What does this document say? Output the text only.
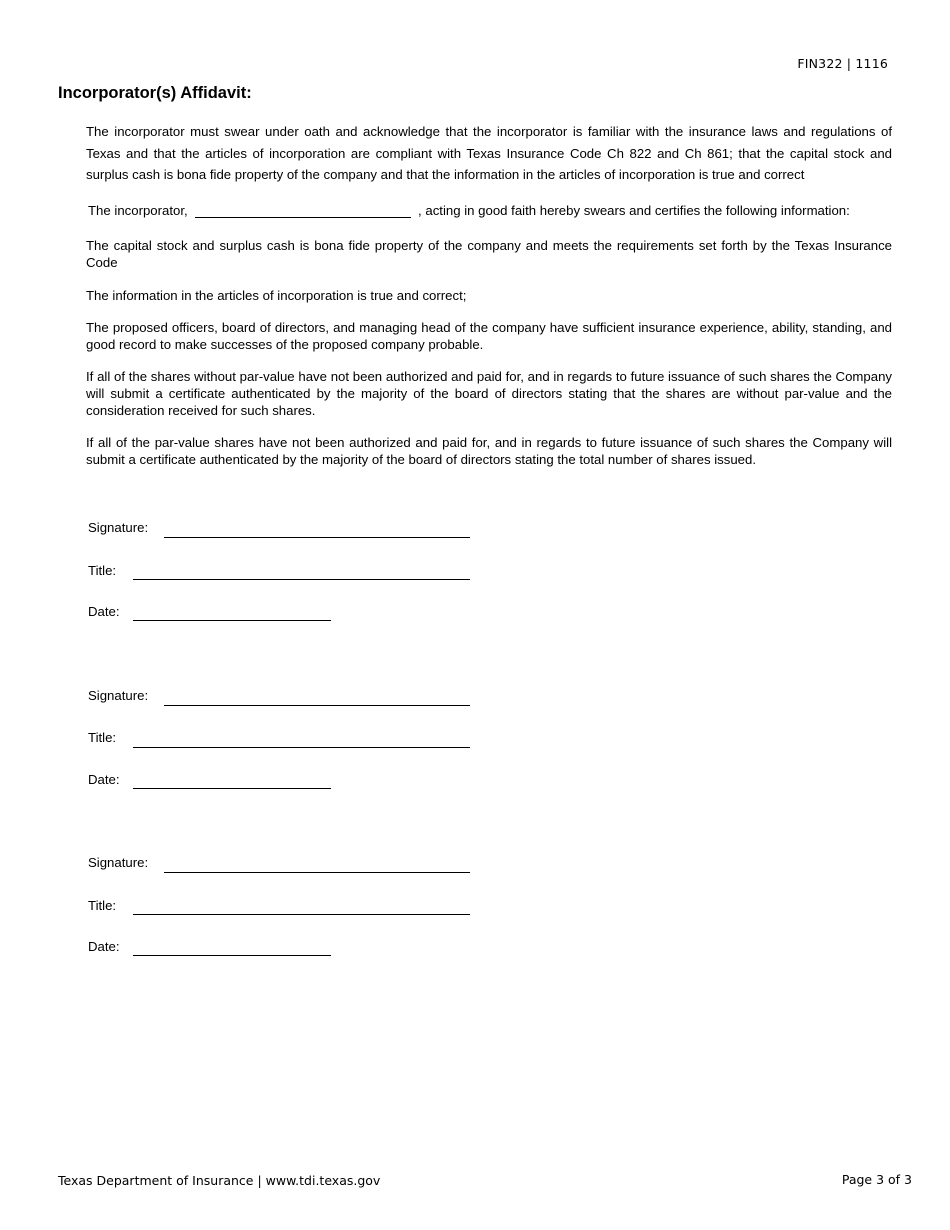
FIN322 | 1116
Incorporator(s) Affidavit:

The incorporator must swear under oath and acknowledge that the incorporator is familiar with the insurance laws and regulations of Texas and that the articles of incorporation are compliant with Texas Insurance Code Ch 822 and Ch 861; that the capital stock and surplus cash is bona fide property of the company and that the information in the articles of incorporation is true and correct

The incorporator,	, acting in good faith hereby swears and certifies the following information:

The capital stock and surplus cash is bona fide property of the company and meets the requirements set forth by the Texas Insurance Code

The information in the articles of incorporation is true and correct;

The proposed officers, board of directors, and managing head of the company have sufficient insurance experience, ability, standing, and good record to make successes of the proposed company probable.

If all of the shares without par-value have not been authorized and paid for, and in regards to future issuance of such shares the Company will submit a certificate authenticated by the majority of the board of directors stating that the shares are without par-value and the consideration received for such shares.

If all of the par-value shares have not been authorized and paid for, and in regards to future issuance of such shares the Company will submit a certificate authenticated by the majority of the board of directors stating the total number of shares issued.

Signature:
Title:
Date:
Signature:
Title:
Date:
Signature:
Title:
Date:
Texas Department of Insurance | www.tdi.texas.gov	Page 3 of 3
